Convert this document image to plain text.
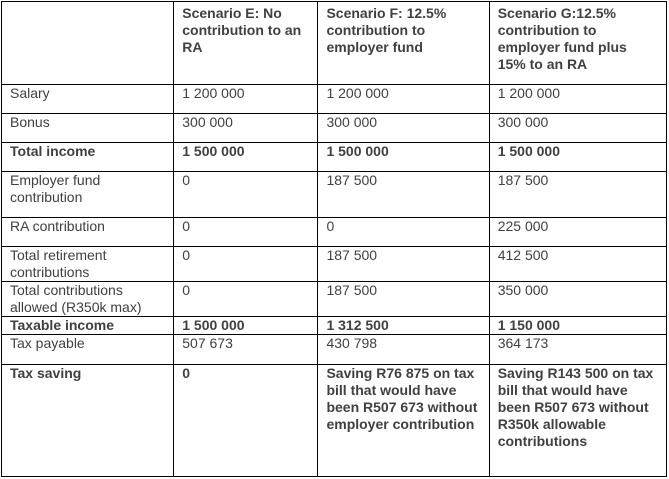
	Scenario E: No contribution to an RA	Scenario F: 12.5% contribution to employer fund	Scenario G:12.5% contribution to employer fund plus 15% to an RA
Salary	1 200 000	1 200 000	1 200 000
Bonus	300 000	300 000	300 000
Total income	1 500 000	1 500 000	1 500 000
Employer fund contribution	0	187 500	187 500
RA contribution	0	0	225 000
Total retirement contributions	0	187 500	412 500
Total contributions allowed (R350k max)	0	187 500	350 000
Taxable income	1 500 000	1 312 500	1 150 000
Tax payable	507 673	430 798	364 173
Tax saving	0	Saving R76 875 on tax bill that would have been R507 673 without employer contribution	Saving R143 500 on tax bill that would have been R507 673 without R350k allowable contributions
